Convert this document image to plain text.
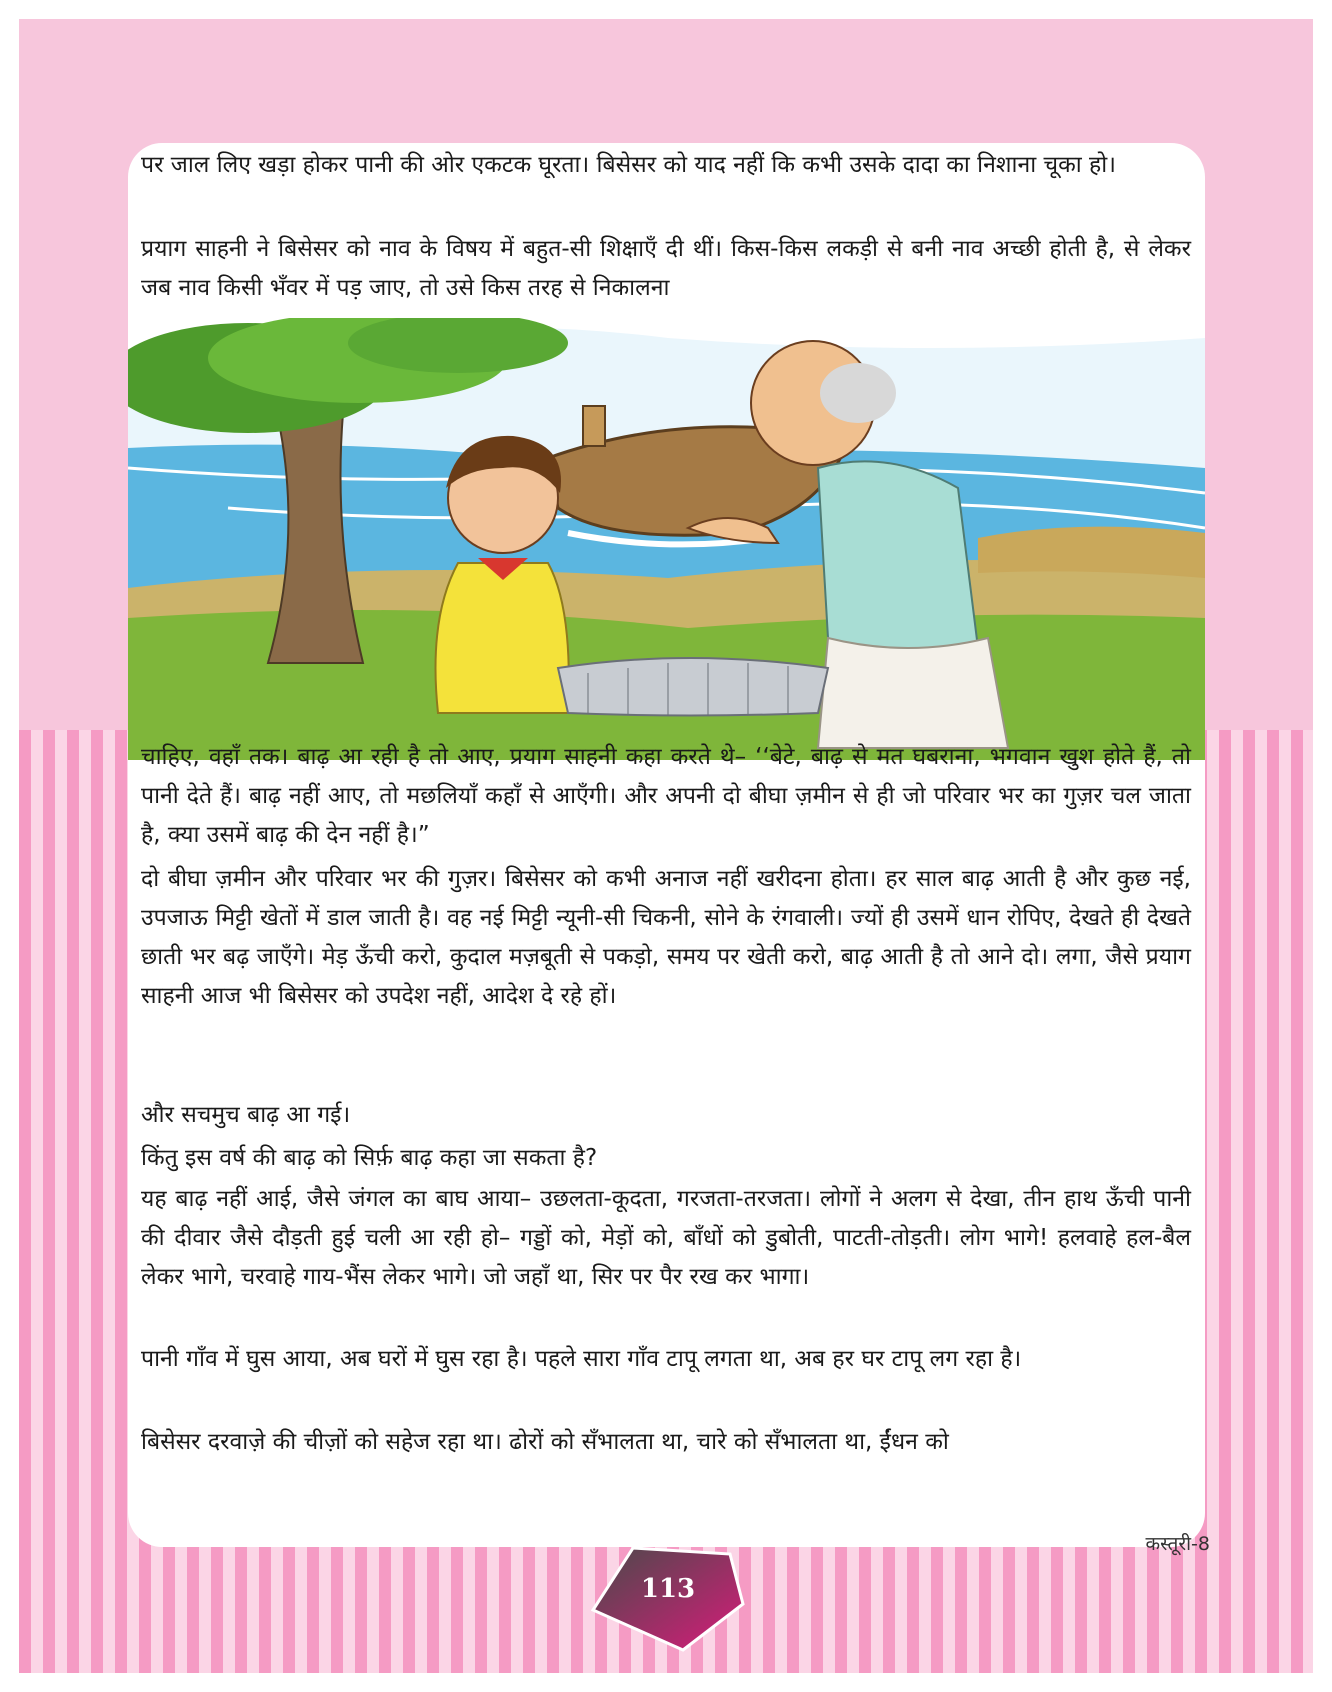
पर जाल लिए खड़ा होकर पानी की ओर एकटक घूरता। बिसेसर को याद नहीं कि कभी उसके दादा का निशाना चूका हो।

प्रयाग साहनी ने बिसेसर को नाव के विषय में बहुत-सी शिक्षाएँ दी थीं। किस-किस लकड़ी से बनी नाव अच्छी होती है, से लेकर जब नाव किसी भँवर में पड़ जाए, तो उसे किस तरह से निकालना

चाहिए, वहाँ तक। बाढ़ आ रही है तो आए, प्रयाग साहनी कहा करते थे– ‘‘बेटे, बाढ़ से मत घबराना, भगवान खुश होते हैं, तो पानी देते हैं। बाढ़ नहीं आए, तो मछलियाँ कहाँ से आएँगी। और अपनी दो बीघा ज़मीन से ही जो परिवार भर का गुज़र चल जाता है, क्या उसमें बाढ़ की देन नहीं है।”

दो बीघा ज़मीन और परिवार भर की गुज़र। बिसेसर को कभी अनाज नहीं खरीदना होता। हर साल बाढ़ आती है और कुछ नई, उपजाऊ मिट्टी खेतों में डाल जाती है। वह नई मिट्टी न्यूनी-सी चिकनी, सोने के रंगवाली। ज्यों ही उसमें धान रोपिए, देखते ही देखते छाती भर बढ़ जाएँगे। मेड़ ऊँची करो, कुदाल मज़बूती से पकड़ो, समय पर खेती करो, बाढ़ आती है तो आने दो। लगा, जैसे प्रयाग साहनी आज भी बिसेसर को उपदेश नहीं, आदेश दे रहे हों।

और सचमुच बाढ़ आ गई।

किंतु इस वर्ष की बाढ़ को सिर्फ़ बाढ़ कहा जा सकता है?

यह बाढ़ नहीं आई, जैसे जंगल का बाघ आया– उछलता-कूदता, गरजता-तरजता। लोगों ने अलग से देखा, तीन हाथ ऊँची पानी की दीवार जैसे दौड़ती हुई चली आ रही हो– गड्डों को, मेड़ों को, बाँधों को डुबोती, पाटती-तोड़ती। लोग भागे! हलवाहे हल-बैल लेकर भागे, चरवाहे गाय-भैंस लेकर भागे। जो जहाँ था, सिर पर पैर रख कर भागा।

पानी गाँव में घुस आया, अब घरों में घुस रहा है। पहले सारा गाँव टापू लगता था, अब हर घर टापू लग रहा है।

बिसेसर दरवाज़े की चीज़ों को सहेज रहा था। ढोरों को सँभालता था, चारे को सँभालता था, ईंधन को

113
कस्तूरी-8
